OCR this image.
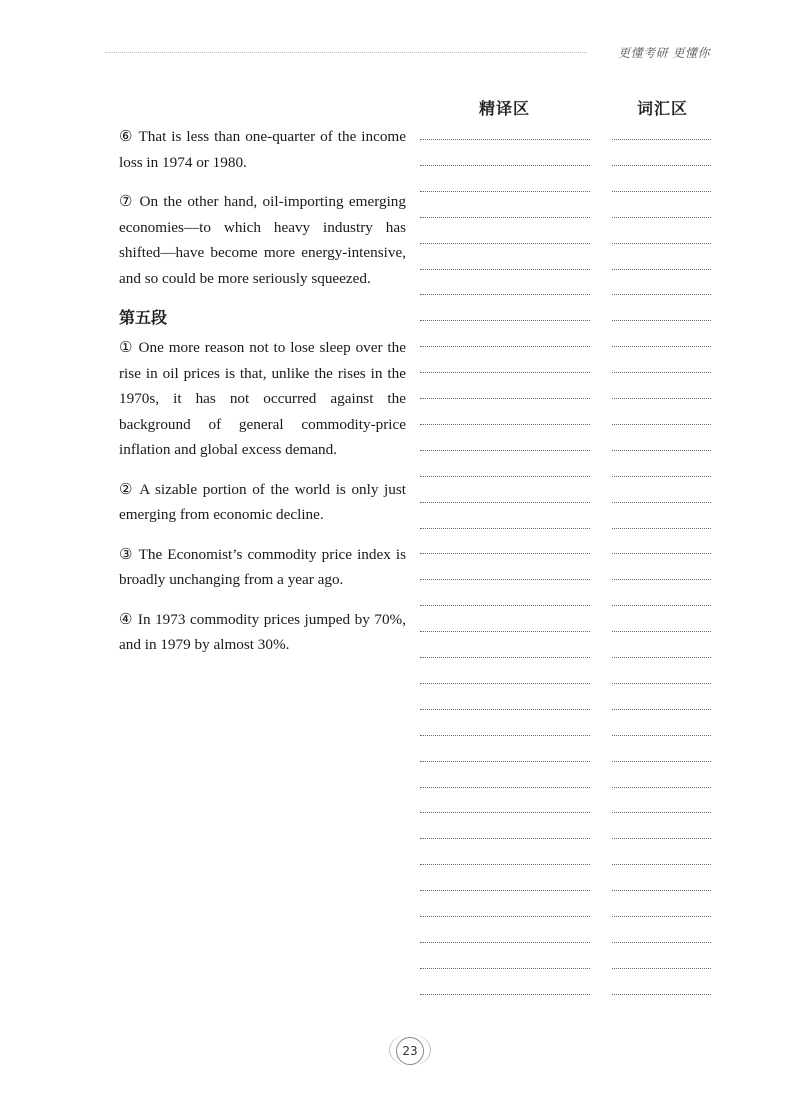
更懂考研 更懂你
精译区	词汇区

⑥ That is less than one-quarter of the income loss in 1974 or 1980.

⑦ On the other hand, oil-importing emerging economies—to which heavy industry has shifted—have become more energy-intensive, and so could be more seriously squeezed.

第五段

① One more reason not to lose sleep over the rise in oil prices is that, unlike the rises in the 1970s, it has not occurred against the background of general commodity-price inflation and global excess demand.

② A sizable portion of the world is only just emerging from economic decline.

③ The Economist’s commodity price index is broadly unchanging from a year ago.

④ In 1973 commodity prices jumped by 70%, and in 1979 by almost 30%.

23
